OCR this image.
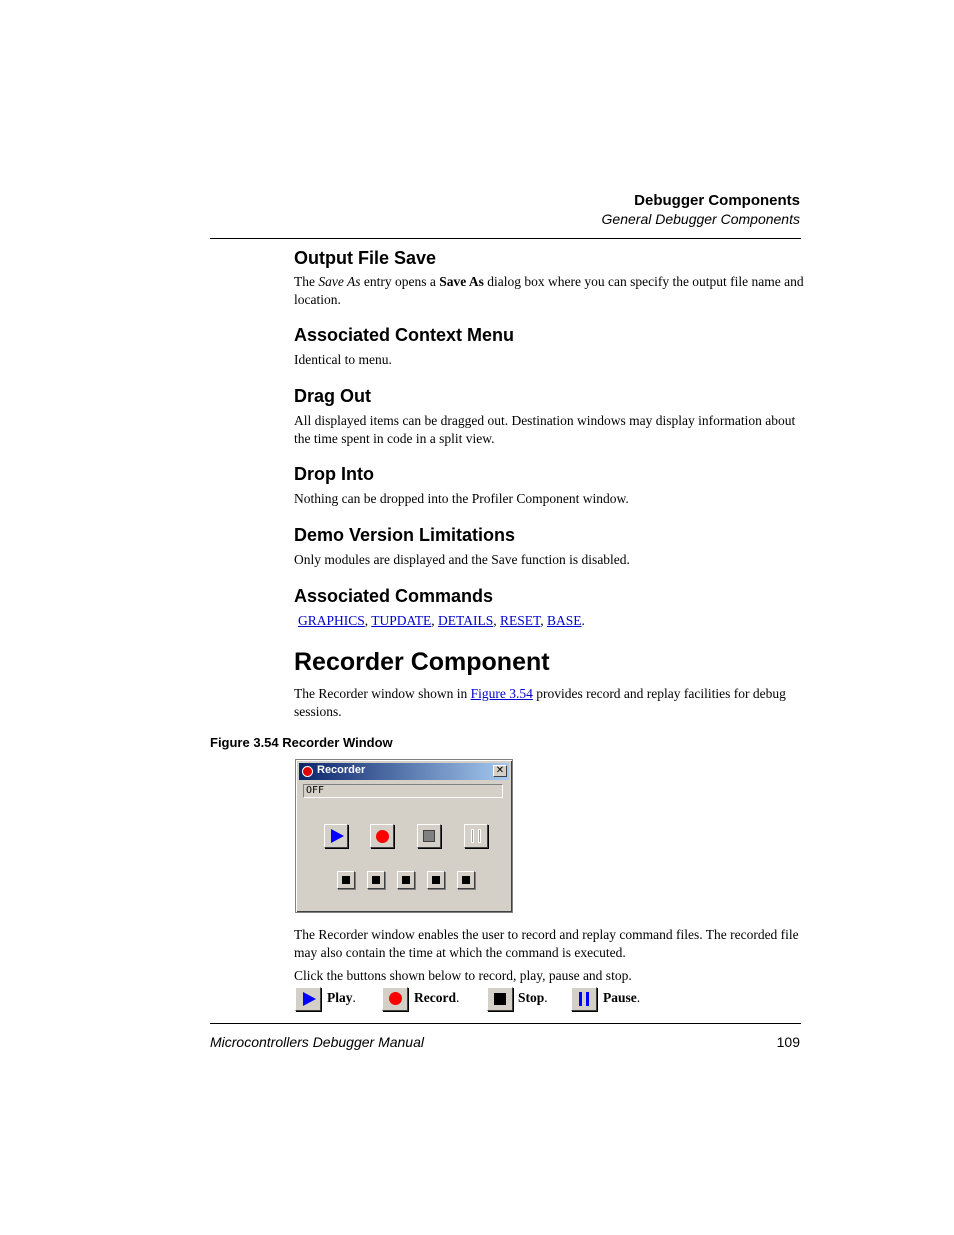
Debugger Components
General Debugger Components
Output File Save

The Save As entry opens a Save As dialog box where you can specify the output file name and location.

Associated Context Menu

Identical to menu.

Drag Out

All displayed items can be dragged out. Destination windows may display information about the time spent in code in a split view.

Drop Into

Nothing can be dropped into the Profiler Component window.

Demo Version Limitations

Only modules are displayed and the Save function is disabled.

Associated Commands

GRAPHICS, TUPDATE, DETAILS, RESET, BASE.

Recorder Component

The Recorder window shown in Figure 3.54 provides record and replay facilities for debug sessions.

Figure 3.54 Recorder Window
Recorder	✕
OFF

The Recorder window enables the user to record and replay command files. The recorded file may also contain the time at which the command is executed.

Click the buttons shown below to record, play, pause and stop.

Play.	Record.	Stop.	Pause.
Microcontrollers Debugger Manual	109
